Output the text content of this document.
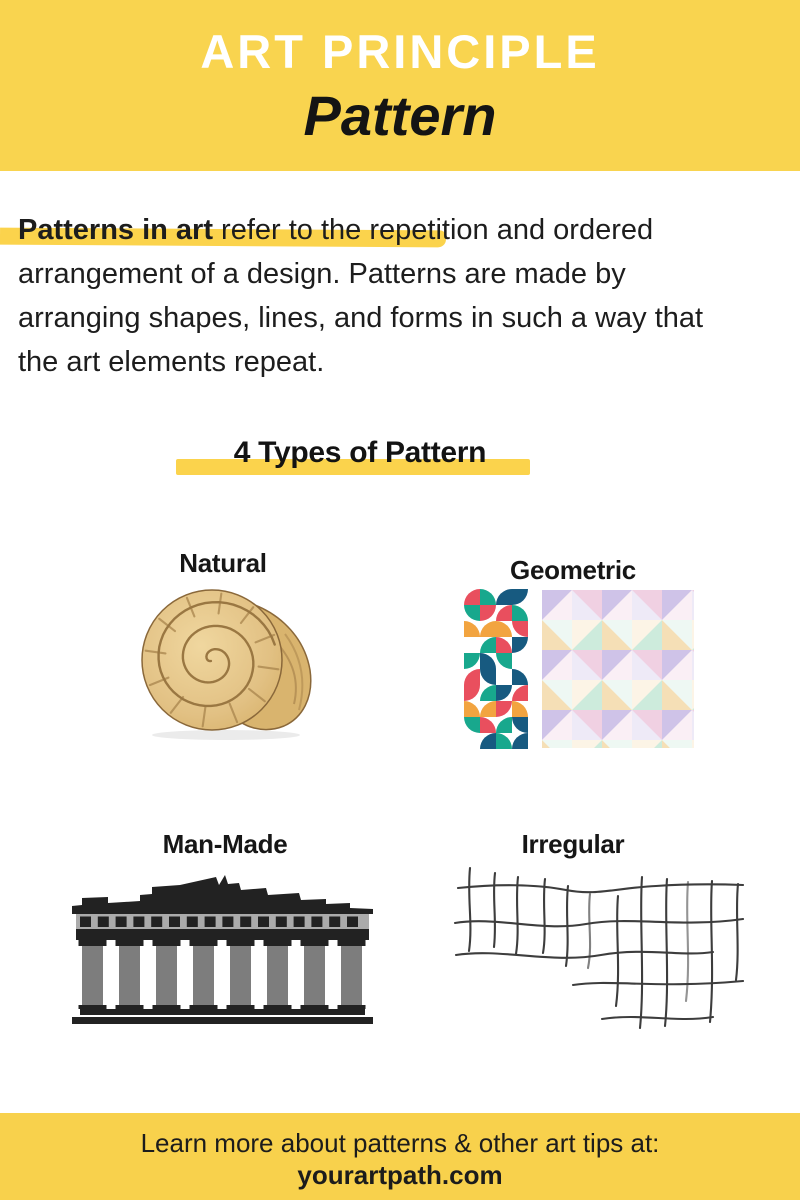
ART PRINCIPLE
Pattern

Patterns in art refer to the repetition and ordered

arrangement of a design. Patterns are made by

arranging shapes, lines, and forms in such a way that

the art elements repeat.

4 Types of Pattern
Natural	Geometric
Man-Made	Irregular

Learn more about patterns & other art tips at:

yourartpath.com
